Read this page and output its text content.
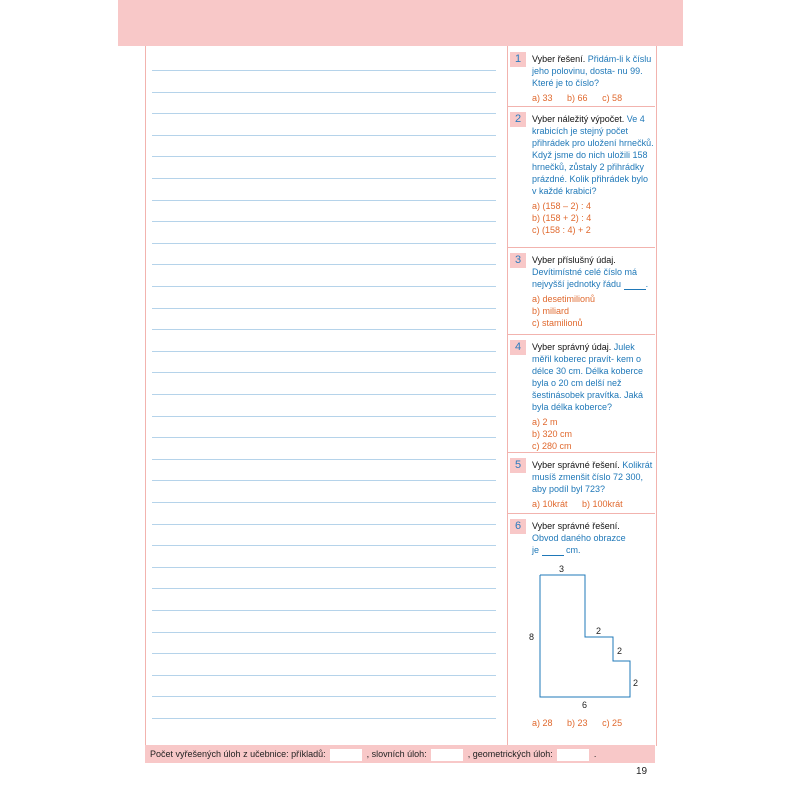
1	Vyber řešení. Přidám-li k číslu jeho polovinu, dosta- nu 99. Které je to číslo?
a) 33 b) 66 c) 58
2	Vyber náležitý výpočet. Ve 4 krabicích je stejný počet přihrádek pro uložení hrnečků. Když jsme do nich uložili 158 hrnečků, zůstaly 2 přihrádky prázdné. Kolik přihrádek bylo v každé krabici?
a) (158 – 2) : 4
b) (158 + 2) : 4
c) (158 : 4) + 2
3	Vyber příslušný údaj. Devítimístné celé číslo má nejvyšší jednotky řádu	.
a) desetimilionů
b) miliard
c) stamilionů
4	Vyber správný údaj. Julek měřil koberec pravít- kem o délce 30 cm. Délka koberce byla o 20 cm delší než šestinásobek pravítka. Jaká byla délka koberce?
a) 2 m
b) 320 cm
c) 280 cm
5	Vyber správné řešení. Kolikrát musíš zmenšit číslo 72 300, aby podíl byl 723?
a) 10krát b) 100krát
6	Vyber správné řešení.
Obvod daného obrazce
je	cm.
3
8
2
2
2
6
a) 28 b) 23 c) 25
Počet vyřešených úloh z učebnice: příkladů:	, slovních úloh:	, geometrických úloh:	.
19
